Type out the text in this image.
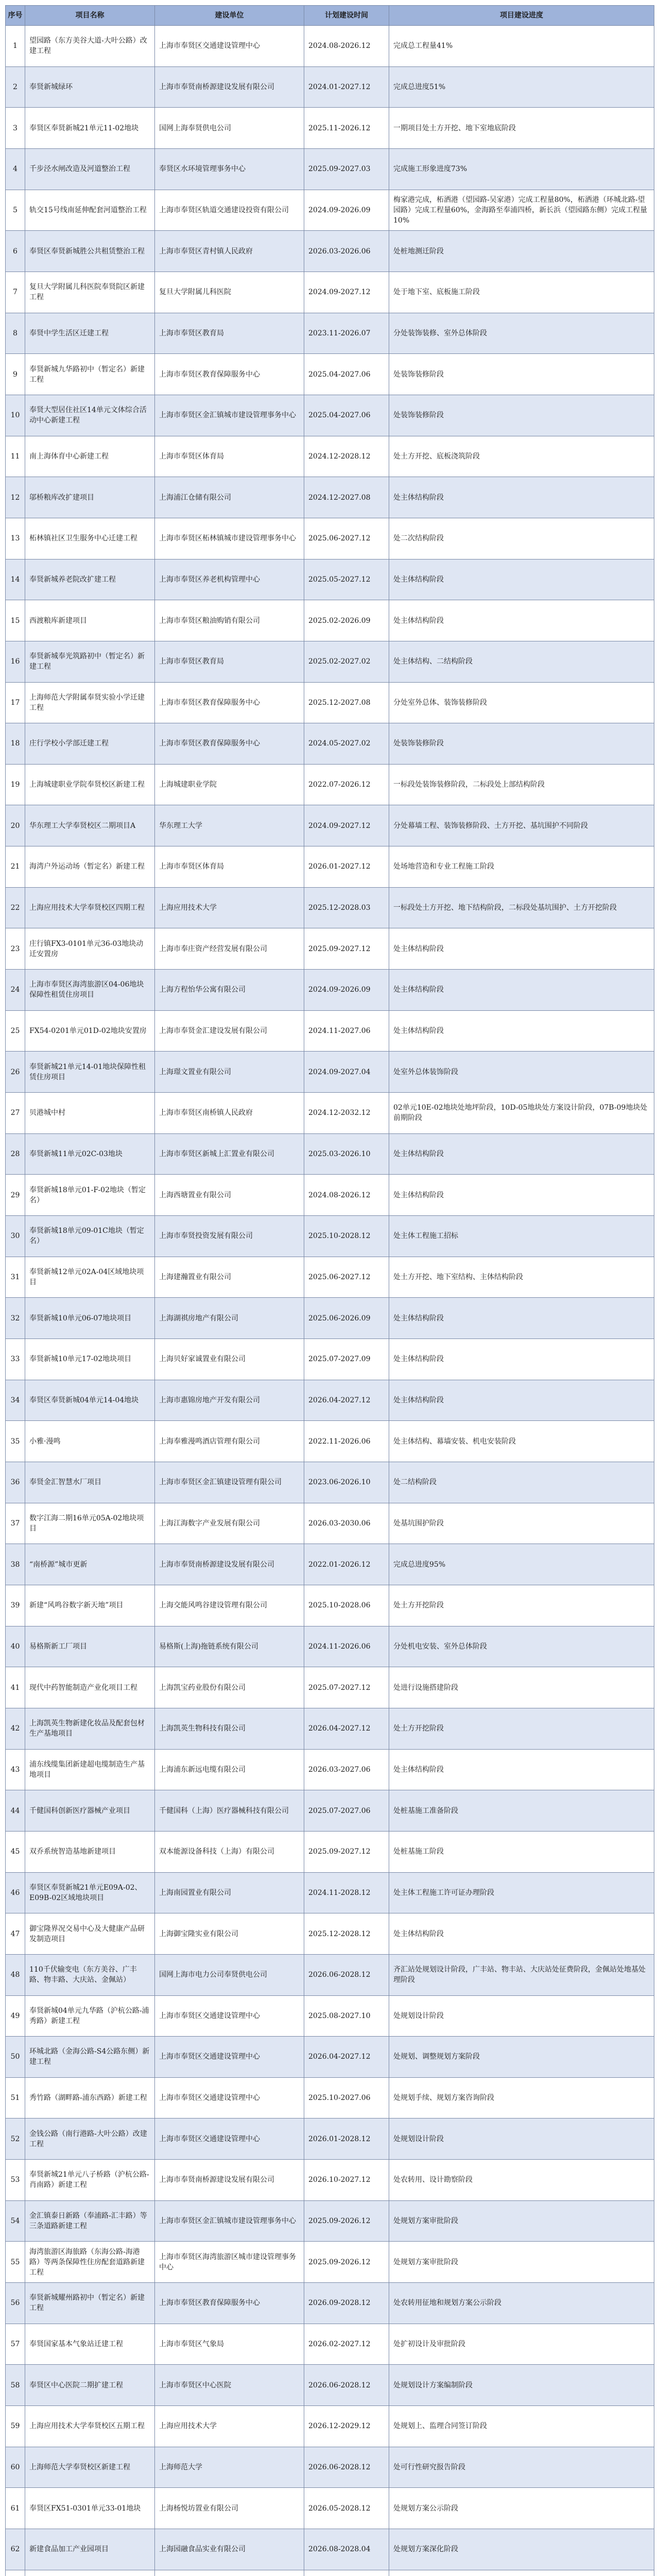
序号	项目名称	建设单位	计划建设时间	项目建设进度
1	望园路（东方美谷大道-大叶公路）改建工程	上海市奉贤区交通建设管理中心	2024.08-2026.12	完成总工程量41%
2	奉贤新城绿环	上海市奉贤南桥源建设发展有限公司	2024.01-2027.12	完成总进度51%
3	奉贤区奉贤新城21单元11-02地块	国网上海奉贤供电公司	2025.11-2026.12	一期项目处土方开挖、地下室地底阶段
4	千步泾水闸改造及河道整治工程	奉贤区水环境管理事务中心	2025.09-2027.03	完成施工形象进度73%
5	轨交15号线南延伸配套河道整治工程	上海市奉贤区轨道交通建设投资有限公司	2024.09-2026.09	梅家港完成，柘洒港（望园路-吴家港）完成工程量80%，柘洒港（环城北路-望园路）完成工程量60%，金海路至奉浦四桥，新长浜（望园路东侧）完成工程量10%
6	奉贤区奉贤新城胜公共租赁整治工程	上海市奉贤区青村镇人民政府	2026.03-2026.06	处桩地测迁阶段
7	复旦大学附属儿科医院奉贤院区新建工程	复旦大学附属儿科医院	2024.09-2027.12	处于地下室、底板施工阶段
8	奉贤中学生活区迁建工程	上海市奉贤区教育局	2023.11-2026.07	分处装饰装修、室外总体阶段
9	奉贤新城九华路初中（暂定名）新建工程	上海市奉贤区教育保障服务中心	2025.04-2027.06	处装饰装修阶段
10	奉贤大型居住社区14单元文体综合活动中心新建工程	上海市奉贤区金汇镇城市建设管理事务中心	2025.04-2027.06	处装饰装修阶段
11	南上海体育中心新建工程	上海市奉贤区体育局	2024.12-2028.12	处土方开挖、底板浇筑阶段
12	邬桥粮库改扩建项目	上海浦江仓储有限公司	2024.12-2027.08	处主体结构阶段
13	柘林镇社区卫生服务中心迁建工程	上海市奉贤区柘林镇城市建设管理事务中心	2025.06-2027.12	处二次结构阶段
14	奉贤新城养老院改扩建工程	上海市奉贤区养老机构管理中心	2025.05-2027.12	处主体结构阶段
15	西渡粮库新建项目	上海市奉贤区粮油购销有限公司	2025.02-2026.09	处主体结构阶段
16	奉贤新城奉光筑路初中（暂定名）新建工程	上海市奉贤区教育局	2025.02-2027.02	处主体结构、二结构阶段
17	上海师范大学附属奉贤实验小学迁建工程	上海市奉贤区教育保障服务中心	2025.12-2027.08	分处室外总体、装饰装修阶段
18	庄行学校小学部迁建工程	上海市奉贤区教育保障服务中心	2024.05-2027.02	处装饰装修阶段
19	上海城建职业学院奉贤校区新建工程	上海城建职业学院	2022.07-2026.12	一标段处装饰装修阶段，二标段处上部结构阶段
20	华东理工大学奉贤校区二期项目A	华东理工大学	2024.09-2027.12	分处幕墙工程、装饰装修阶段、土方开挖、基坑围护不同阶段
21	海湾户外运动场（暂定名）新建工程	上海市奉贤区体育局	2026.01-2027.12	处场地营造和专业工程施工阶段
22	上海应用技术大学奉贤校区四期工程	上海应用技术大学	2025.12-2028.03	一标段处土方开挖、地下结构阶段，二标段处基坑围护、土方开挖阶段
23	庄行镇FX3-0101单元36-03地块动迁安置房	上海市奉庄资产经营发展有限公司	2025.09-2027.12	处主体结构阶段
24	上海市奉贤区海湾旅游区04-06地块保障性租赁住房项目	上海方程怡华公寓有限公司	2024.09-2026.09	处主体结构阶段
25	FX54-0201单元01D-02地块安置房	上海市奉贤金汇建设发展有限公司	2024.11-2027.06	处主体结构阶段
26	奉贤新城21单元14-01地块保障性租赁住房项目	上海璟文置业有限公司	2024.09-2027.04	处室外总体装饰阶段
27	贝港城中村	上海市奉贤区南桥镇人民政府	2024.12-2032.12	02单元10E-02地块处地坪阶段，10D-05地块处方案设计阶段，07B-09地块处前期阶段
28	奉贤新城11单元02C-03地块	上海市奉贤区新城上汇置业有限公司	2025.03-2026.10	处主体结构阶段
29	奉贤新城18单元01-F-02地块（暂定名）	上海西塘置业有限公司	2024.08-2026.12	处主体结构阶段
30	奉贤新城18单元09-01C地块（暂定名）	上海市奉贤投资发展有限公司	2025.10-2028.12	处主体工程施工招标
31	奉贤新城12单元02A-04区域地块项目	上海建瀚置业有限公司	2025.06-2027.12	处土方开挖、地下室结构、主体结构阶段
32	奉贤新城10单元06-07地块项目	上海湖祺房地产有限公司	2025.06-2026.09	处主体结构阶段
33	奉贤新城10单元17-02地块项目	上海贝好家诚置业有限公司	2025.07-2027.09	处主体结构阶段
34	奉贤区奉贤新城04单元14-04地块	上海市惠锦房地产开发有限公司	2026.04-2027.12	处主体结构阶段
35	小雅·漫鸣	上海奉雅漫鸣酒店管理有限公司	2022.11-2026.06	处主体结构、幕墙安装、机电安装阶段
36	奉贤金汇智慧水厂项目	上海市奉贤区金汇镇建设管理有限公司	2023.06-2026.10	处二结构阶段
37	数字江海二期16单元05A-02地块项目	上海江海数字产业发展有限公司	2026.03-2030.06	处基坑围护阶段
38	“南桥源”城市更新	上海市奉贤南桥源建设发展有限公司	2022.01-2026.12	完成总进度95%
39	新建“风鸣谷数字新天地”项目	上海交能风鸣谷建设管理有限公司	2025.10-2028.06	处土方开挖阶段
40	易格斯新工厂项目	易格斯(上海)拖链系统有限公司	2024.11-2026.06	分处机电安装、室外总体阶段
41	现代中药智能制造产业化项目工程	上海凯宝药业股份有限公司	2025.07-2027.12	处进行设施搭建阶段
42	上海凯英生物新建化妆品及配套包材生产基地项目	上海凯英生物科技有限公司	2026.04-2027.12	处土方开挖阶段
43	浦东线缆集团新建超电缆制造生产基地项目	上海浦东新远电缆有限公司	2026.03-2027.06	处主体结构阶段
44	千健国科创新医疗器械产业项目	千健国科（上海）医疗器械科技有限公司	2025.07-2027.06	处桩基施工准备阶段
45	双乔系统智造基地新建项目	双本能源设备科技（上海）有限公司	2025.09-2027.12	处桩基施工阶段
46	奉贤区奉贤新城21单元E09A-02、E09B-02区域地块项目	上海南园置业有限公司	2024.11-2028.12	处主体工程施工许可证办理阶段
47	御宝隆界况交易中心及大健康产品研发制造项目	上海御宝隆实业有限公司	2025.12-2028.12	处主体结构阶段
48	110千伏输变电（东方美谷、广丰路、物丰路、大庆站、金佩站）	国网上海市电力公司奉贤供电公司	2026.06-2028.12	齐汇站处规划设计阶段，广丰站、物丰站、大庆站处征费阶段，金佩站处地基处理阶段
49	奉贤新城04单元九华路（沪杭公路-浦秀路）新建工程	上海市奉贤区交通建设管理中心	2025.08-2027.10	处规划设计阶段
50	环城北路（金海公路-S4公路东侧）新建工程	上海市奉贤区交通建设管理中心	2026.04-2027.12	处规划、调整规划方案阶段
51	秀竹路（湖畔路-浦东西路）新建工程	上海市奉贤区交通建设管理中心	2025.10-2027.06	处规划手续、规划方案咨询阶段
52	金钱公路（南行港路-大叶公路）改建工程	上海市奉贤区交通建设管理中心	2026.01-2028.12	处规划设计阶段
53	奉贤新城21单元八子桥路（沪杭公路-肖南路）新建工程	上海市奉贤南桥源建设发展有限公司	2026.10-2027.12	处农转用、设计勘察阶段
54	金汇镇泰日新路（奉浦路-汇丰路）等三条道路新建工程	上海市奉贤区金汇镇城市建设管理事务中心	2025.09-2026.12	处规划方案审批阶段
55	海湾旅游区海旅路（东海公路-海港路）等两条保障性住房配套道路新建工程	上海市奉贤区海湾旅游区城市建设管理事务中心	2025.09-2026.12	处规划方案审批阶段
56	奉贤新城耀州路初中（暂定名）新建工程	上海市奉贤区教育保障服务中心	2026.09-2028.12	处农转用征地和规划方案公示阶段
57	奉贤国家基本气象站迁建工程	上海市奉贤区气象局	2026.02-2027.12	处扩初设计及审批阶段
58	奉贤区中心医院二期扩建工程	上海市奉贤区中心医院	2026.06-2028.12	处规划设计方案编制阶段
59	上海应用技术大学奉贤校区五期工程	上海应用技术大学	2026.12-2029.12	处规划上、监理合同签订阶段
60	上海师范大学奉贤校区新建工程	上海师范大学	2026.06-2028.12	处可行性研究报告阶段
61	奉贤区FX51-0301单元33-01地块	上海杨悦坊置业有限公司	2026.05-2028.12	处规划方案公示阶段
62	新建食品加工产业园项目	上海园融食品实业有限公司	2026.08-2028.04	处规划方案深化阶段
